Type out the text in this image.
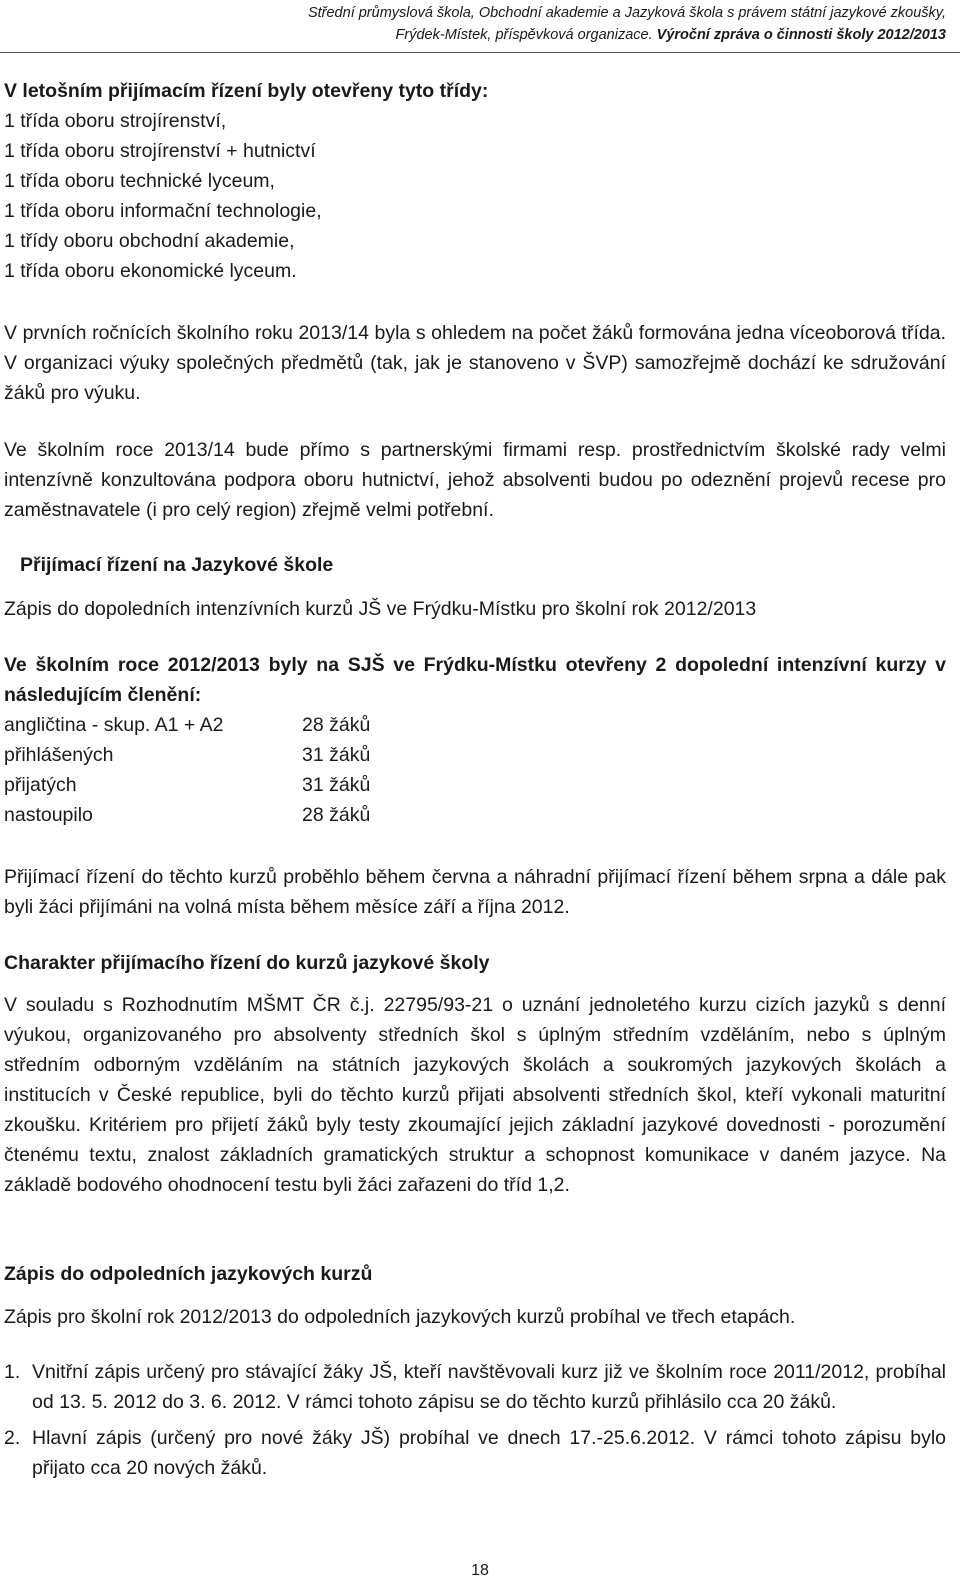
Střední průmyslová škola, Obchodní akademie a Jazyková škola s právem státní jazykové zkoušky,
Frýdek-Místek, příspěvková organizace. Výroční zpráva o činnosti školy 2012/2013
V letošním přijímacím řízení byly otevřeny tyto třídy:
1 třída oboru strojírenství,
1 třída oboru strojírenství + hutnictví
1 třída oboru technické lyceum,
1 třída oboru informační technologie,
1 třídy oboru obchodní akademie,
1 třída oboru ekonomické lyceum.

V prvních ročnících školního roku 2013/14 byla s ohledem na počet žáků formována jedna víceoborová třída. V organizaci výuky společných předmětů (tak, jak je stanoveno v ŠVP) samozřejmě dochází ke sdružování žáků pro výuku.

Ve školním roce 2013/14 bude přímo s partnerskými firmami resp. prostřednictvím školské rady velmi intenzívně konzultována podpora oboru hutnictví, jehož absolventi budou po odeznění projevů recese pro zaměstnavatele (i pro celý region) zřejmě velmi potřební.

Přijímací řízení na Jazykové škole
Zápis do dopoledních intenzívních kurzů JŠ ve Frýdku-Místku pro školní rok 2012/2013

Ve školním roce 2012/2013 byly na SJŠ ve Frýdku-Místku otevřeny 2 dopolední intenzívní kurzy v následujícím členění:

angličtina - skup. A1 + A2	28 žáků
přihlášených	31 žáků
přijatých	31 žáků
nastoupilo	28 žáků

Přijímací řízení do těchto kurzů proběhlo během června a náhradní přijímací řízení během srpna a dále pak byli žáci přijímáni na volná místa během měsíce září a října 2012.

Charakter přijímacího řízení do kurzů jazykové školy

V souladu s Rozhodnutím MŠMT ČR č.j. 22795/93-21 o uznání jednoletého kurzu cizích jazyků s denní výukou, organizovaného pro absolventy středních škol s úplným středním vzděláním, nebo s úplným středním odborným vzděláním na státních jazykových školách a soukromých jazykových školách a institucích v České republice, byli do těchto kurzů přijati absolventi středních škol, kteří vykonali maturitní zkoušku. Kritériem pro přijetí žáků byly testy zkoumající jejich základní jazykové dovednosti - porozumění čtenému textu, znalost základních gramatických struktur a schopnost komunikace v daném jazyce. Na základě bodového ohodnocení testu byli žáci zařazeni do tříd 1,2.

Zápis do odpoledních jazykových kurzů
Zápis pro školní rok 2012/2013 do odpoledních jazykových kurzů probíhal ve třech etapách.
1. Vnitřní zápis určený pro stávající žáky JŠ, kteří navštěvovali kurz již ve školním roce 2011/2012, probíhal od 13. 5. 2012 do 3. 6. 2012. V rámci tohoto zápisu se do těchto kurzů přihlásilo cca 20 žáků.
2. Hlavní zápis (určený pro nové žáky JŠ) probíhal ve dnech 17.-25.6.2012. V rámci tohoto zápisu bylo přijato cca 20 nových žáků.
18
